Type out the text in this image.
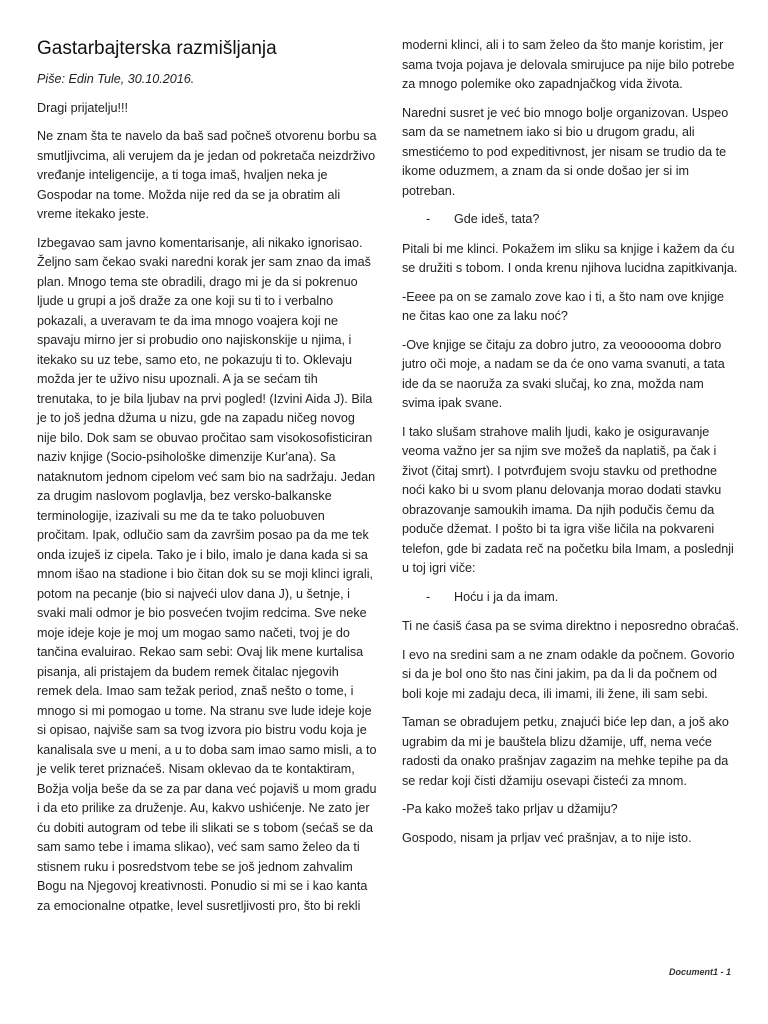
Gastarbajterska razmišljanja

Piše: Edin Tule, 30.10.2016.

Dragi prijatelju!!!

Ne znam šta te navelo da baš sad počneš otvorenu borbu sa smutljivcima, ali verujem da je jedan od pokretača neizdrživo vređanje inteligencije, a ti toga imaš, hvaljen neka je Gospodar na tome. Možda nije red da se ja obratim ali vreme itekako jeste.

Izbegavao sam javno komentarisanje, ali nikako ignorisao. Željno sam čekao svaki naredni korak jer sam znao da imaš plan. Mnogo tema ste obradili, drago mi je da si pokrenuo ljude u grupi a još draže za one koji su ti to i verbalno pokazali, a uveravam te da ima mnogo voajera koji ne spavaju mirno jer si probudio ono najiskonskije u njima, i itekako su uz tebe, samo eto, ne pokazuju ti to. Oklevaju možda jer te uživo nisu upoznali. A ja se sećam tih trenutaka, to je bila ljubav na prvi pogled! (Izvini Aida J). Bila je to još jedna džuma u nizu, gde na zapadu ničeg novog nije bilo. Dok sam se obuvao pročitao sam visokosofisticiran naziv knjige (Socio-psihološke dimenzije Kur'ana). Sa nataknutom jednom cipelom već sam bio na sadržaju. Jedan za drugim naslovom poglavlja, bez versko-balkanske terminologije, izazivali su me da te tako poluobuven pročitam. Ipak, odlučio sam da završim posao pa da me tek onda izuješ iz cipela. Tako je i bilo, imalo je dana kada si sa mnom išao na stadione i bio čitan dok su se moji klinci igrali, potom na pecanje (bio si najveći ulov dana J), u šetnje, i svaki mali odmor je bio posvećen tvojim redcima. Sve neke moje ideje koje je moj um mogao samo načeti, tvoj je do tančina evaluirao. Rekao sam sebi: Ovaj lik mene kurtalisa pisanja, ali pristajem da budem remek čitalac njegovih remek dela. Imao sam težak period, znaš nešto o tome, i mnogo si mi pomogao u tome. Na stranu sve lude ideje koje si opisao, najviše sam sa tvog izvora pio bistru vodu koja je kanalisala sve u meni, a u to doba sam imao samo misli, a to je velik teret priznaćeš. Nisam oklevao da te kontaktiram, Božja volja beše da se za par dana već pojaviš u mom gradu i da eto prilike za druženje. Au, kakvo ushićenje. Ne zato jer ću dobiti autogram od tebe ili slikati se s tobom (sećaš se da sam samo tebe i imama slikao), već sam samo želeo da ti stisnem ruku i posredstvom tebe se još jednom zahvalim Bogu na Njegovoj kreativnosti. Ponudio si mi se i kao kanta za emocionalne otpatke, level susretljivosti pro, što bi rekli

moderni klinci, ali i to sam želeo da što manje koristim, jer sama tvoja pojava je delovala smirujuce pa nije bilo potrebe za mnogo polemike oko zapadnjačkog vida života.

Naredni susret je već bio mnogo bolje organizovan. Uspeo sam da se nametnem iako si bio u drugom gradu, ali smestićemo to pod expeditivnost, jer nisam se trudio da te ikome oduzmem, a znam da si onde došao jer si im potreban.

-	Gde ideš, tata?

Pitali bi me klinci. Pokažem im sliku sa knjige i kažem da ću se družiti s tobom. I onda krenu njihova lucidna zapitkivanja.

-Eeee pa on se zamalo zove kao i ti, a što nam ove knjige ne čitas kao one za laku noć?

-Ove knjige se čitaju za dobro jutro, za veoooooma dobro jutro oči moje, a nadam se da će ono vama svanuti, a tata ide da se naoruža za svaki slučaj, ko zna, možda nam svima ipak svane.

I tako slušam strahove malih ljudi, kako je osiguravanje veoma važno jer sa njim sve možeš da naplatiš, pa čak i život (čitaj smrt). I potvrđujem svoju stavku od prethodne noći kako bi u svom planu delovanja morao dodati stavku obrazovanje samoukih imama. Da njih podučis čemu da poduče džemat. I pošto bi ta igra više ličila na pokvareni telefon, gde bi zadata reč na početku bila Imam, a poslednji u toj igri viče:

-	Hoću i ja da imam.

Ti ne ćasiš ćasa pa se svima direktno i neposredno obraćaš.

I evo na sredini sam a ne znam odakle da počnem. Govorio si da je bol ono što nas čini jakim, pa da li da počnem od boli koje mi zadaju deca, ili imami, ili žene, ili sam sebi.

Taman se obradujem petku, znajući biće lep dan, a još ako ugrabim da mi je bauštela blizu džamije, uff, nema veće radosti da onako prašnjav zagazim na mehke tepihe pa da se redar koji čisti džamiju osevapi čisteći za mnom.

-Pa kako možeš tako prljav u džamiju?

Gospodo, nisam ja prljav već prašnjav, a to nije isto.

Document1 - 1
